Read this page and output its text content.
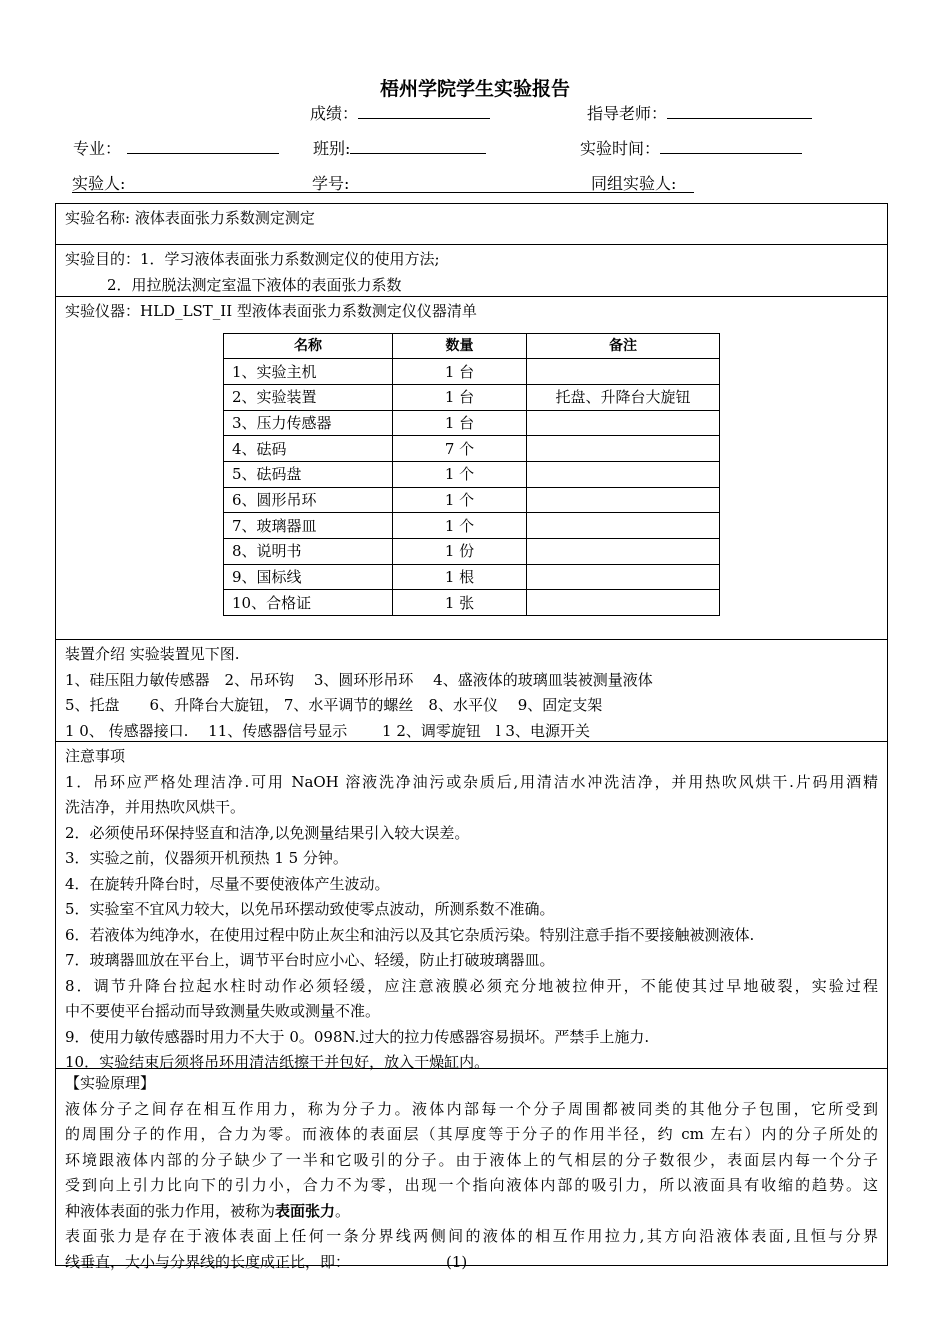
梧州学院学生实验报告
成绩：	指导老师：
专业：	班别:	实验时间：
实验人:	学号:	同组实验人:
实验名称: 液体表面张力系数测定测定
实验目的：1．学习液体表面张力系数测定仪的使用方法;
2．用拉脱法测定室温下液体的表面张力系数
实验仪器：HLD_LST_II 型液体表面张力系数测定仪仪器清单
名称	数量	备注
1、实验主机	1 台	
2、实验装置	1 台	托盘、升降台大旋钮
3、压力传感器	1 台	
4、砝码	7 个	
5、砝码盘	1 个	
6、圆形吊环	1 个	
7、玻璃器皿	1 个	
8、说明书	1 份	
9、国标线	1 根	
10、合格证	1 张	
装置介绍 实验装置见下图.
1、硅压阻力敏传感器　2、吊环钩　 3、圆环形吊环　 4、盛液体的玻璃皿装被测量液体
5、托盘　　6、升降台大旋钮， 7、水平调节的螺丝　8、水平仪　 9、固定支架
1 0、 传感器接口.　 11、传感器信号显示　　 1 2、调零旋钮　l 3、电源开关
注意事项
1．吊环应严格处理洁净.可用 NaOH 溶液洗净油污或杂质后,用清洁水冲洗洁净，并用热吹风烘干.片码用酒精
洗洁净，并用热吹风烘干。
2．必须使吊环保持竖直和洁净,以免测量结果引入较大误差。
3．实验之前，仪器须开机预热 1 5 分钟。
4．在旋转升降台时，尽量不要使液体产生波动。
5．实验室不宜风力较大，以免吊环摆动致使零点波动，所测系数不准确。
6．若液体为纯净水，在使用过程中防止灰尘和油污以及其它杂质污染。特别注意手指不要接触被测液体.
7．玻璃器皿放在平台上，调节平台时应小心、轻缓，防止打破玻璃器皿。
8．调节升降台拉起水柱时动作必须轻缓，应注意液膜必须充分地被拉伸开，不能使其过早地破裂，实验过程
中不要使平台摇动而导致测量失败或测量不准。
9．使用力敏传感器时用力不大于 0。098N.过大的拉力传感器容易损坏。严禁手上施力.
10．实验结束后须将吊环用清洁纸擦干并包好，放入干燥缸内。
【实验原理】
液体分子之间存在相互作用力，称为分子力。液体内部每一个分子周围都被同类的其他分子包围，它所受到
的周围分子的作用，合力为零。而液体的表面层（其厚度等于分子的作用半径，约 cm 左右）内的分子所处的
环境跟液体内部的分子缺少了一半和它吸引的分子。由于液体上的气相层的分子数很少，表面层内每一个分子
受到向上引力比向下的引力小，合力不为零，出现一个指向液体内部的吸引力，所以液面具有收缩的趋势。这
种液体表面的张力作用，被称为表面张力。
表面张力是存在于液体表面上任何一条分界线两侧间的液体的相互作用拉力,其方向沿液体表面,且恒与分界
线垂直，大小与分界线的长度成正比，即：	(1)
